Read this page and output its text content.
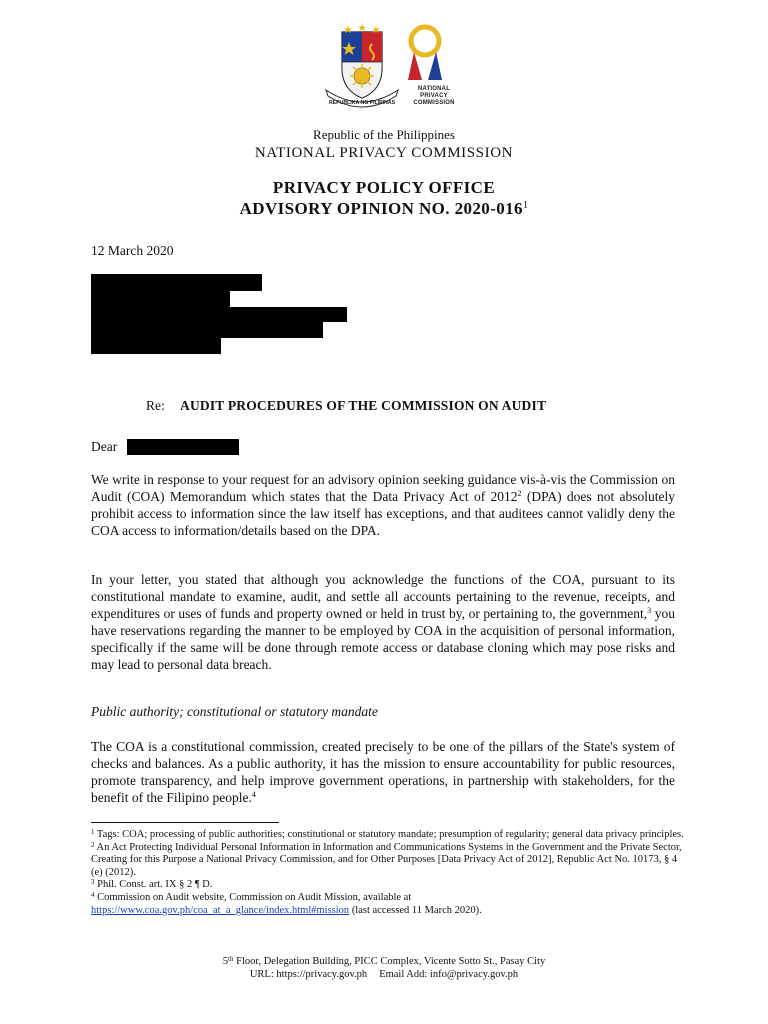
REPUBLIKA NG PILIPINAS
NATIONAL
PRIVACY
COMMISSION
Republic of the Philippines
NATIONAL PRIVACY COMMISSION
PRIVACY POLICY OFFICE
ADVISORY OPINION NO. $2020-016^1$
12 March 2020
Re: AUDIT PROCEDURES OF THE COMMISSION ON AUDIT
Dear

We write in response to your request for an advisory opinion seeking guidance vis-à-vis the Commission on Audit (COA) Memorandum which states that the Data Privacy Act of 2012$^2$ (DPA) does not absolutely prohibit access to information since the law itself has exceptions, and that auditees cannot validly deny the COA access to information/details based on the DPA.

In your letter, you stated that although you acknowledge the functions of the COA, pursuant to its constitutional mandate to examine, audit, and settle all accounts pertaining to the revenue, receipts, and expenditures or uses of funds and property owned or held in trust by, or pertaining to, the government,$^3$ you have reservations regarding the manner to be employed by COA in the acquisition of personal information, specifically if the same will be done through remote access or database cloning which may pose risks and may lead to personal data breach.

Public authority; constitutional or statutory mandate

The COA is a constitutional commission, created precisely to be one of the pillars of the State's system of checks and balances. As a public authority, it has the mission to ensure accountability for public resources, promote transparency, and help improve government operations, in partnership with stakeholders, for the benefit of the Filipino people.$^4$

$^1$ Tags: COA; processing of public authorities; constitutional or statutory mandate; presumption of regularity; general data privacy principles.
$^2$ An Act Protecting Individual Personal Information in Information and Communications Systems in the Government and the Private Sector, Creating for this Purpose a National Privacy Commission, and for Other Purposes [Data Privacy Act of 2012], Republic Act No. 10173, § 4 (e) (2012).
$^3$ Phil. Const. art. IX § 2 ¶ D.
$^4$ Commission on Audit website, Commission on Audit Mission, available at
https://www.coa.gov.ph/coa_at_a_glance/index.html#mission (last accessed 11 March 2020).
5th Floor, Delegation Building, PICC Complex, Vicente Sotto St., Pasay City
URL: https://privacy.gov.ph Email Add: info@privacy.gov.ph
